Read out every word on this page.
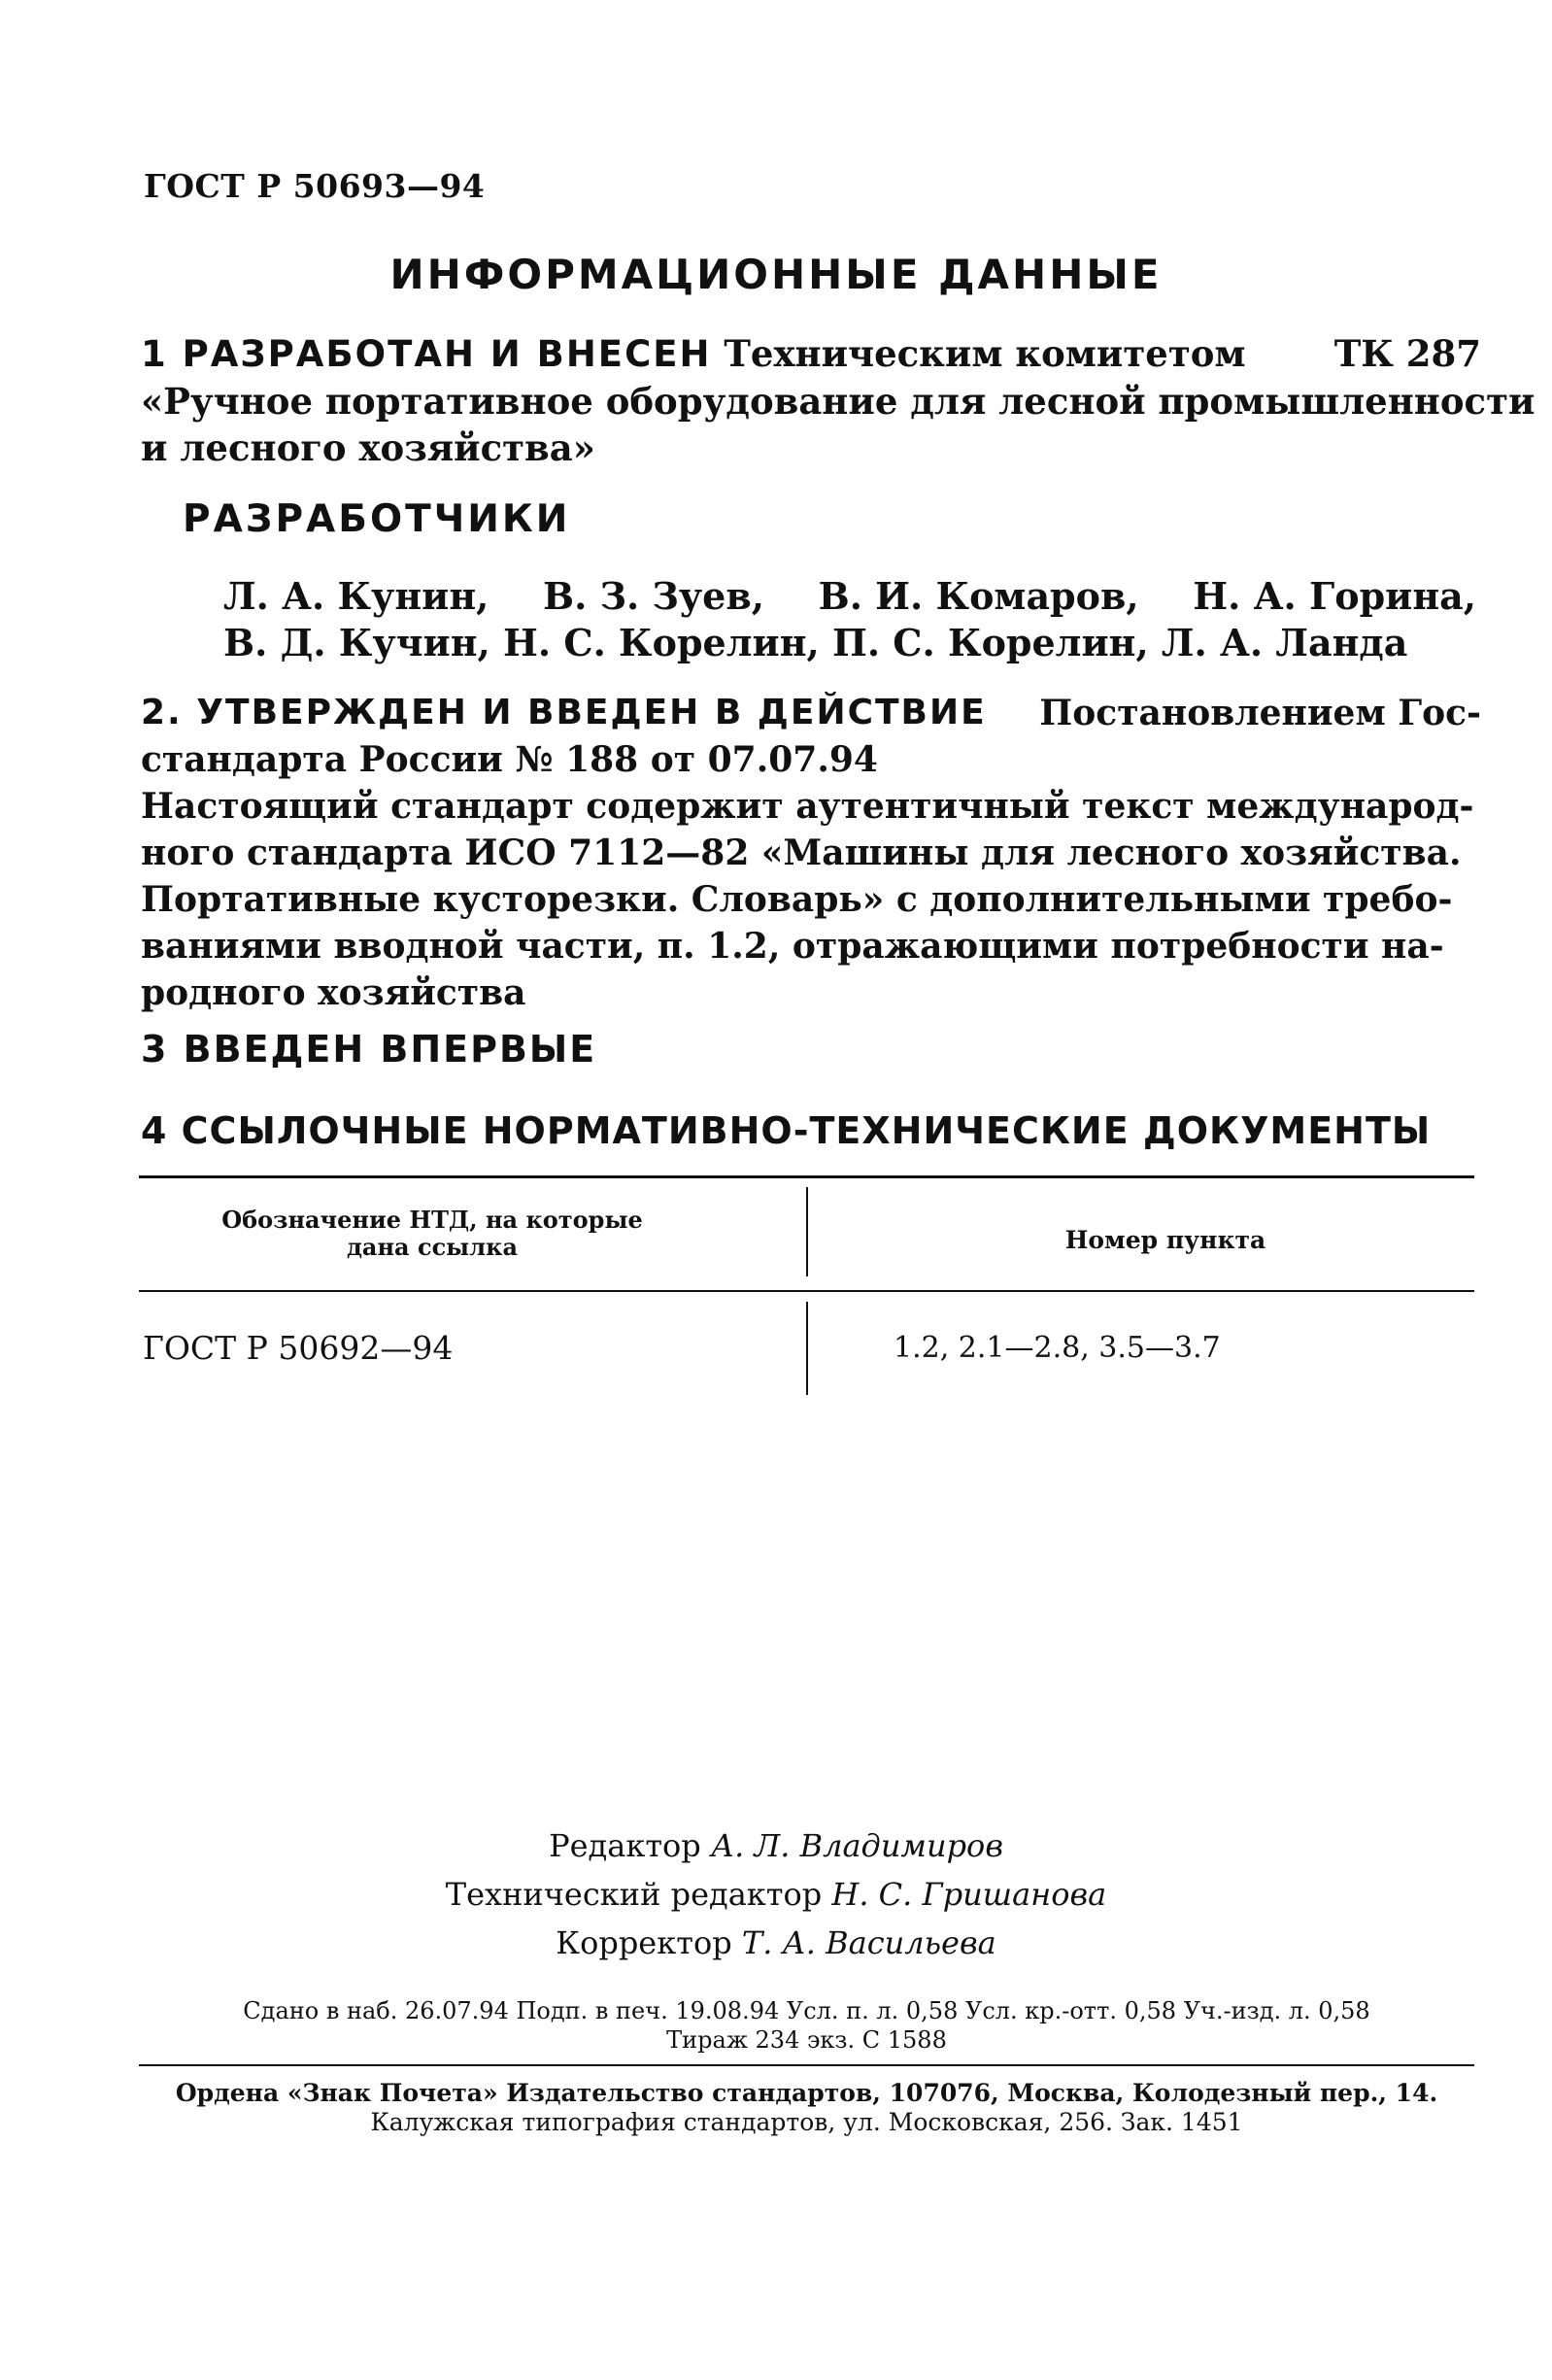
ГОСТ Р 50693—94
ИНФОРМАЦИОННЫЕ ДАННЫЕ
1 РАЗРАБОТАН И ВНЕСЕН Техническим комитетом ТК 287
«Ручное портативное оборудование для лесной промышленности
и лесного хозяйства»
РАЗРАБОТЧИКИ
Л. А. Кунин, В. З. Зуев, В. И. Комаров, Н. А. Горина,
В. Д. Кучин, Н. С. Корелин, П. С. Корелин, Л. А. Ланда
2. УТВЕРЖДЕН И ВВЕДЕН В ДЕЙСТВИЕ Постановлением Гос-
стандарта России № 188 от 07.07.94
Настоящий стандарт содержит аутентичный текст международ-
ного стандарта ИСО 7112—82 «Машины для лесного хозяйства.
Портативные кусторезки. Словарь» с дополнительными требо-
ваниями вводной части, п. 1.2, отражающими потребности на-
родного хозяйства
3 ВВЕДЕН ВПЕРВЫЕ
4 ССЫЛОЧНЫЕ НОРМАТИВНО-ТЕХНИЧЕСКИЕ ДОКУМЕНТЫ
Обозначение НТД, на которые дана ссылка	Номер пункта
ГОСТ Р 50692—94	1.2, 2.1—2.8, 3.5—3.7
Редактор А. Л. Владимиров
Технический редактор Н. С. Гришанова
Корректор Т. А. Васильева
Сдано в наб. 26.07.94 Подп. в печ. 19.08.94 Усл. п. л. 0,58 Усл. кр.-отт. 0,58 Уч.-изд. л. 0,58
Тираж 234 экз. С 1588
Ордена «Знак Почета» Издательство стандартов, 107076, Москва, Колодезный пер., 14.
Калужская типография стандартов, ул. Московская, 256. Зак. 1451
